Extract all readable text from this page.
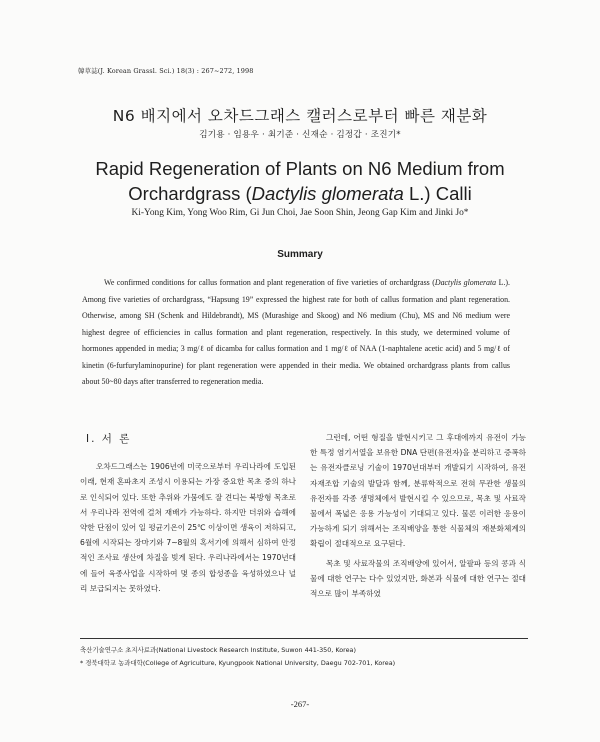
韓草誌(J. Korean Grassl. Sci.) 18(3) : 267~272, 1998
N6 배지에서 오차드그래스 캘러스로부터 빠른 재분화
김기용 · 임용우 · 최기준 · 신재순 · 김정갑 · 조진기*
Rapid Regeneration of Plants on N6 Medium from
Orchardgrass (Dactylis glomerata L.) Calli
Ki-Yong Kim, Yong Woo Rim, Gi Jun Choi, Jae Soon Shin, Jeong Gap Kim and Jinki Jo*
Summary
We confirmed conditions for callus formation and plant regeneration of five varieties of orchardgrass (Dactylis glomerata L.). Among five varieties of orchardgrass, “Hapsung 19” expressed the highest rate for both of callus formation and plant regeneration. Otherwise, among SH (Schenk and Hildebrandt), MS (Murashige and Skoog) and N6 medium (Chu), MS and N6 medium were highest degree of efficiencies in callus formation and plant regeneration, respectively. In this study, we determined volume of hormones appended in media; 3 mg/ℓ of dicamba for callus formation and 1 mg/ℓ of NAA (1-naphtalene acetic acid) and 5 mg/ℓ of kinetin (6-furfurylaminopurine) for plant regeneration were appended in their media. We obtained orchardgrass plants from callus about 50~80 days after transferred to regeneration media.
Ⅰ. 서 론

오차드그래스는 1906년에 미국으로부터 우리나라에 도입된 이래, 현재 혼파초지 조성시 이용되는 가장 중요한 목초 중의 하나로 인식되어 있다. 또한 추위와 가뭄에도 잘 견디는 북방형 목초로서 우리나라 전역에 걸쳐 재배가 가능하다. 하지만 더위와 습해에 약한 단점이 있어 일 평균기온이 25℃ 이상이면 생육이 저하되고, 6월에 시작되는 장마기와 7~8월의 혹서기에 의해서 심하여 안정적인 조사료 생산에 차질을 빚게 된다. 우리나라에서는 1970년대에 들어 육종사업을 시작하여 몇 종의 합성종을 육성하였으나 널리 보급되지는 못하였다.

그런데, 어떤 형질을 발현시키고 그 후대에까지 유전이 가능한 특정 염기서열을 보유한 DNA 단편(유전자)을 분리하고 증폭하는 유전자클로닝 기술이 1970년대부터 개발되기 시작하여, 유전자재조합 기술의 발달과 함께, 분류학적으로 전혀 무관한 생물의 유전자를 각종 생명체에서 발현시킬 수 있으므로, 목초 및 사료작물에서 폭넓은 응용 가능성이 기대되고 있다. 물론 이러한 응용이 가능하게 되기 위해서는 조직배양을 통한 식물체의 재분화체계의 확립이 절대적으로 요구된다.

목초 및 사료작물의 조직배양에 있어서, 알팔파 등의 콩과 식물에 대한 연구는 다수 있었지만, 화본과 식물에 대한 연구는 절대적으로 많이 부족하였

축산기술연구소 초지사료과(National Livestock Research Institute, Suwon 441-350, Korea)
* 경북대학교 농과대학(College of Agriculture, Kyungpook National University, Daegu 702-701, Korea)
-267-
